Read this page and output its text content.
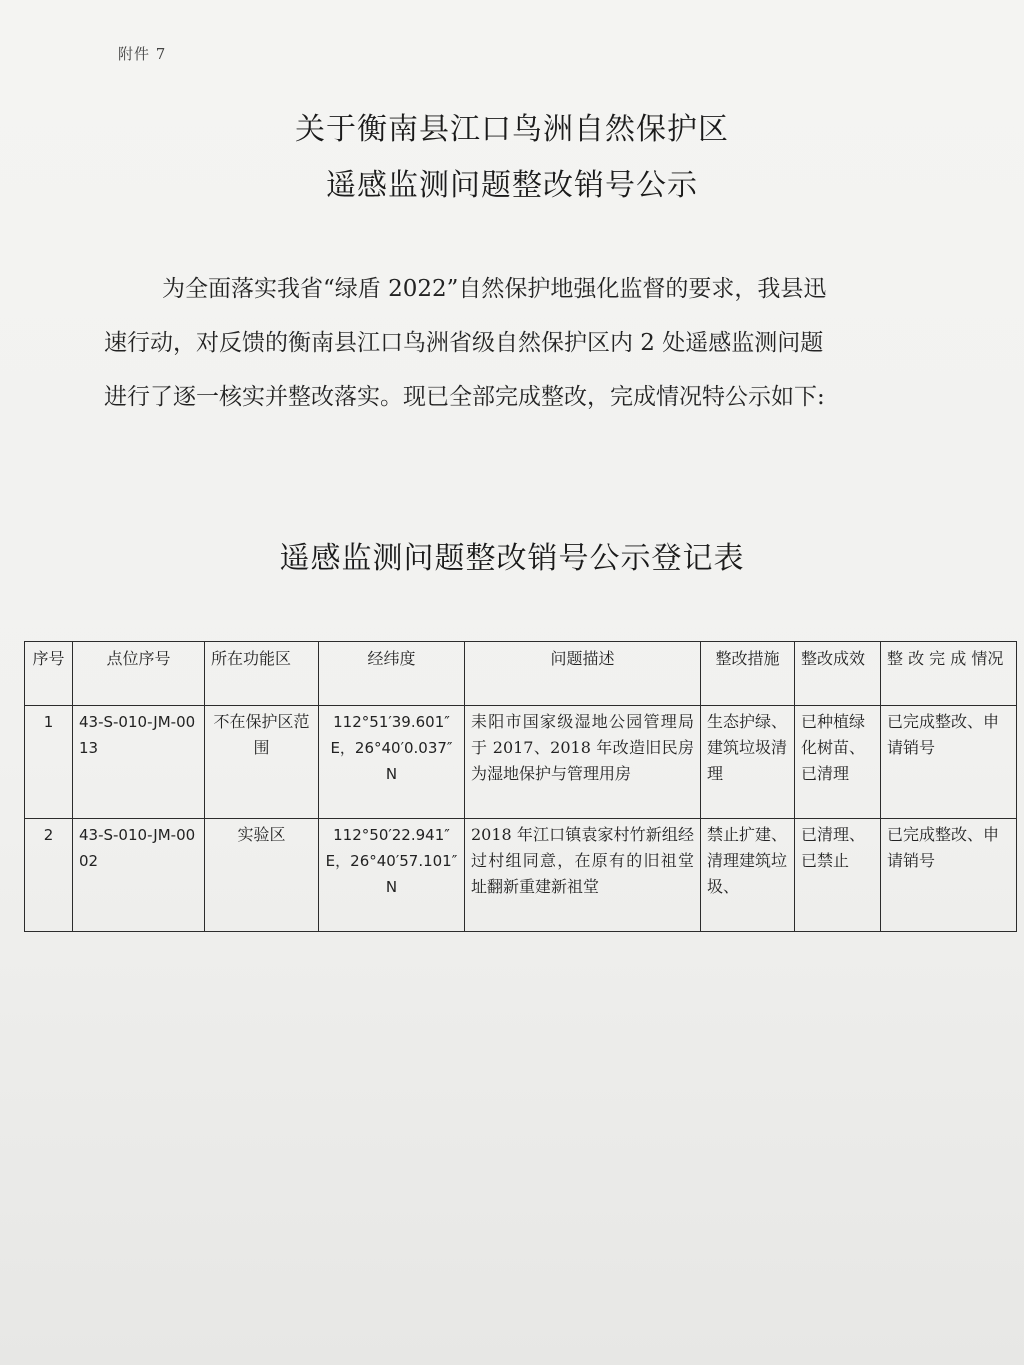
附件 7
关于衡南县江口鸟洲自然保护区
遥感监测问题整改销号公示
为全面落实我省“绿盾 2022”自然保护地强化监督的要求，我县迅
速行动，对反馈的衡南县江口鸟洲省级自然保护区内 2 处遥感监测问题
进行了逐一核实并整改落实。现已全部完成整改，完成情况特公示如下:
遥感监测问题整改销号公示登记表
序号	点位序号	所在功能区	经纬度	问题描述	整改措施	整改成效	整 改 完 成 情况
1	43-S-010-JM-0013	不在保护区范围	112°51′39.601″E，26°40′0.037″N	耒阳市国家级湿地公园管理局于 2017、2018 年改造旧民房为湿地保护与管理用房	生态护绿、建筑垃圾清理	已种植绿化树苗、已清理	已完成整改、申请销号
2	43-S-010-JM-0002	实验区	112°50′22.941″E，26°40′57.101″N	2018 年江口镇袁家村竹新组经过村组同意，在原有的旧祖堂址翻新重建新祖堂	禁止扩建、清理建筑垃圾、	已清理、已禁止	已完成整改、申请销号
